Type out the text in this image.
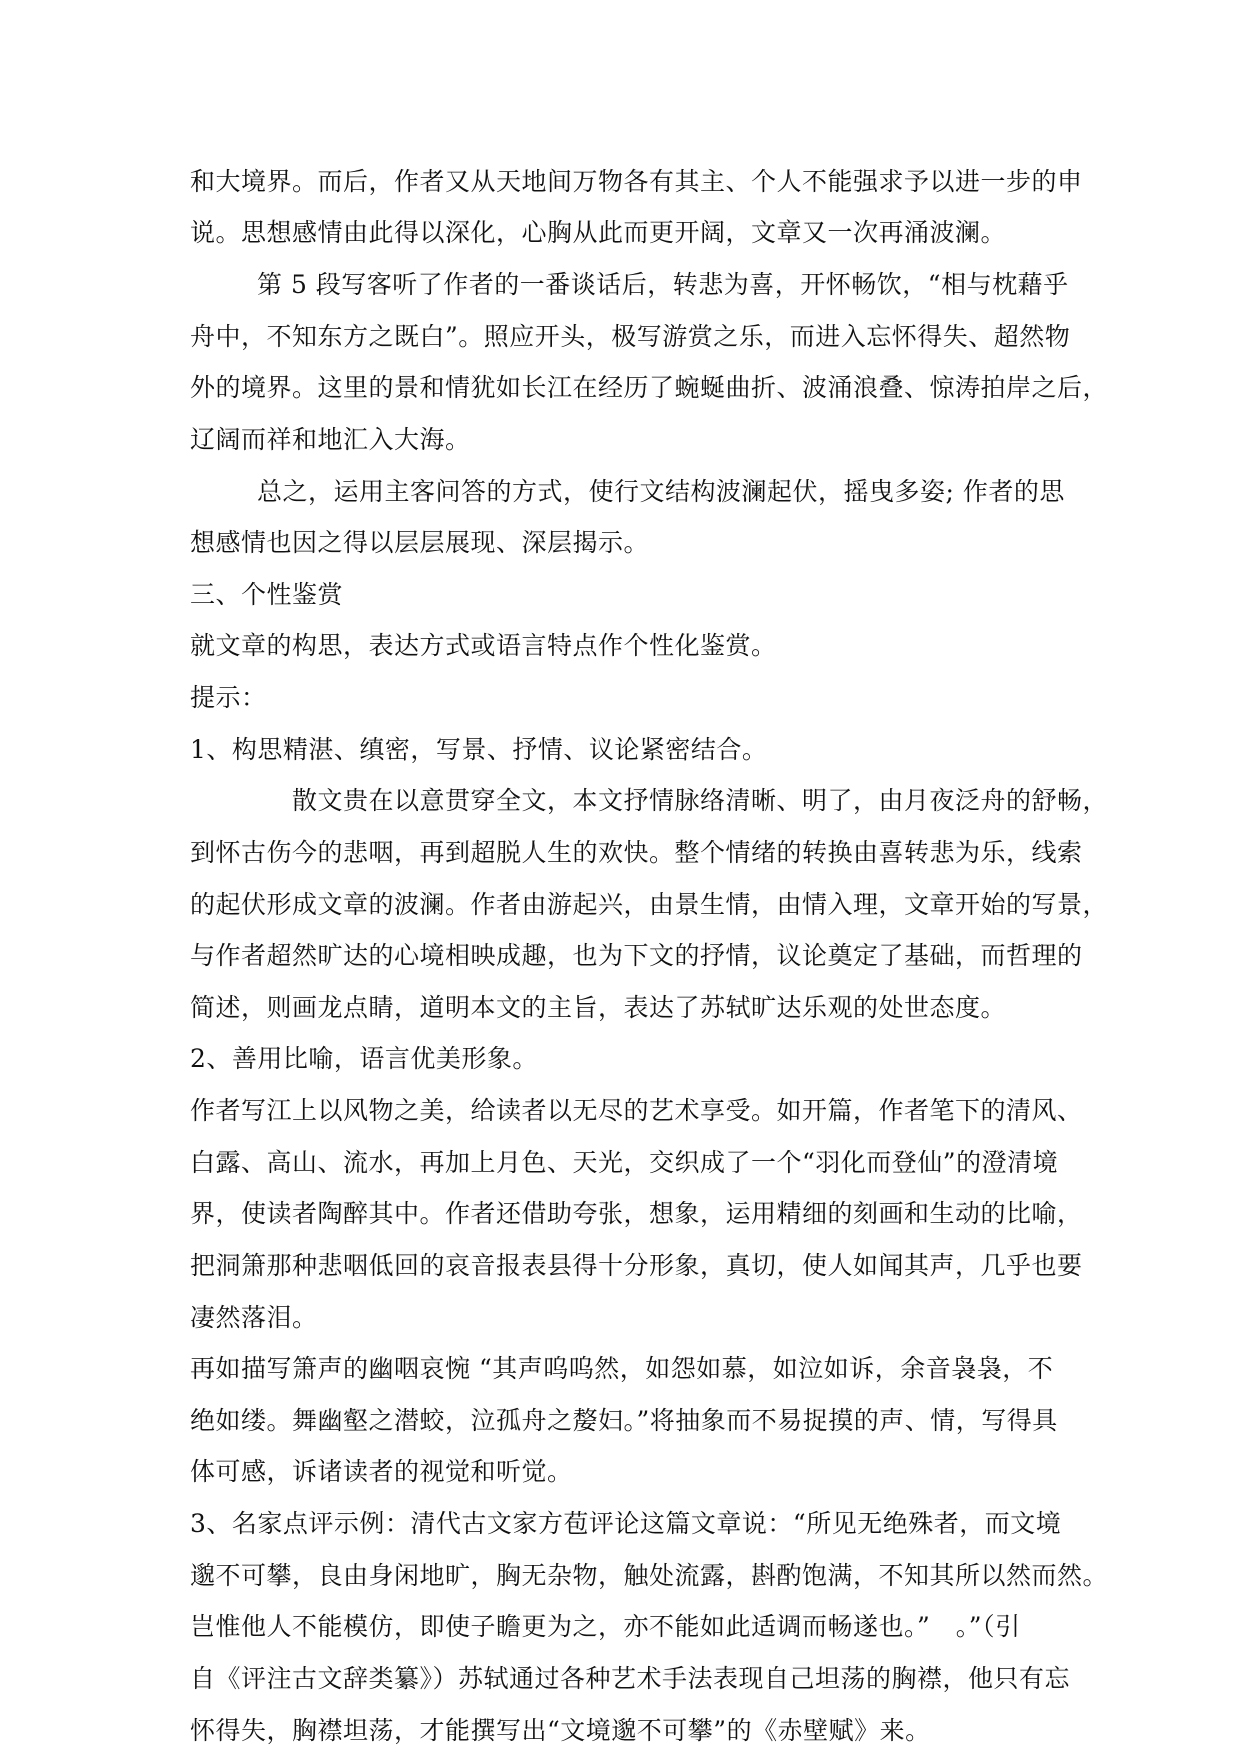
和大境界。而后，作者又从天地间万物各有其主、个人不能强求予以进一步的申
说。思想感情由此得以深化，心胸从此而更开阔，文章又一次再涌波澜。
第 5 段写客听了作者的一番谈话后，转悲为喜，开怀畅饮，“相与枕藉乎
舟中，不知东方之既白”。照应开头，极写游赏之乐，而进入忘怀得失、超然物
外的境界。这里的景和情犹如长江在经历了蜿蜒曲折、波涌浪叠、惊涛拍岸之后，
辽阔而祥和地汇入大海。
总之，运用主客问答的方式，使行文结构波澜起伏，摇曳多姿; 作者的思
想感情也因之得以层层展现、深层揭示。
三、个性鉴赏
就文章的构思，表达方式或语言特点作个性化鉴赏。
提示：
1、构思精湛、缜密，写景、抒情、议论紧密结合。
散文贵在以意贯穿全文，本文抒情脉络清晰、明了，由月夜泛舟的舒畅，
到怀古伤今的悲咽，再到超脱人生的欢快。整个情绪的转换由喜转悲为乐，线索
的起伏形成文章的波澜。作者由游起兴，由景生情，由情入理，文章开始的写景，
与作者超然旷达的心境相映成趣，也为下文的抒情，议论奠定了基础，而哲理的
简述，则画龙点睛，道明本文的主旨，表达了苏轼旷达乐观的处世态度。
2、善用比喻，语言优美形象。
作者写江上以风物之美，给读者以无尽的艺术享受。如开篇，作者笔下的清风、
白露、高山、流水，再加上月色、天光，交织成了一个“羽化而登仙”的澄清境
界，使读者陶醉其中。作者还借助夸张，想象，运用精细的刻画和生动的比喻，
把洞箫那种悲咽低回的哀音报表县得十分形象，真切，使人如闻其声，几乎也要
凄然落泪。
再如描写箫声的幽咽哀惋 “其声呜呜然，如怨如慕，如泣如诉，余音袅袅，不
绝如缕。舞幽壑之潜蛟，泣孤舟之嫠妇。”将抽象而不易捉摸的声、情，写得具
体可感，诉诸读者的视觉和听觉。
3、名家点评示例：清代古文家方苞评论这篇文章说：“所见无绝殊者，而文境
邈不可攀，良由身闲地旷，胸无杂物，触处流露，斟酌饱满，不知其所以然而然。
岂惟他人不能模仿，即使子瞻更为之，亦不能如此适调而畅遂也。”　。”（引
自《评注古文辞类纂》）苏轼通过各种艺术手法表现自己坦荡的胸襟，他只有忘
怀得失，胸襟坦荡，才能撰写出“文境邈不可攀”的《赤壁赋》来。
